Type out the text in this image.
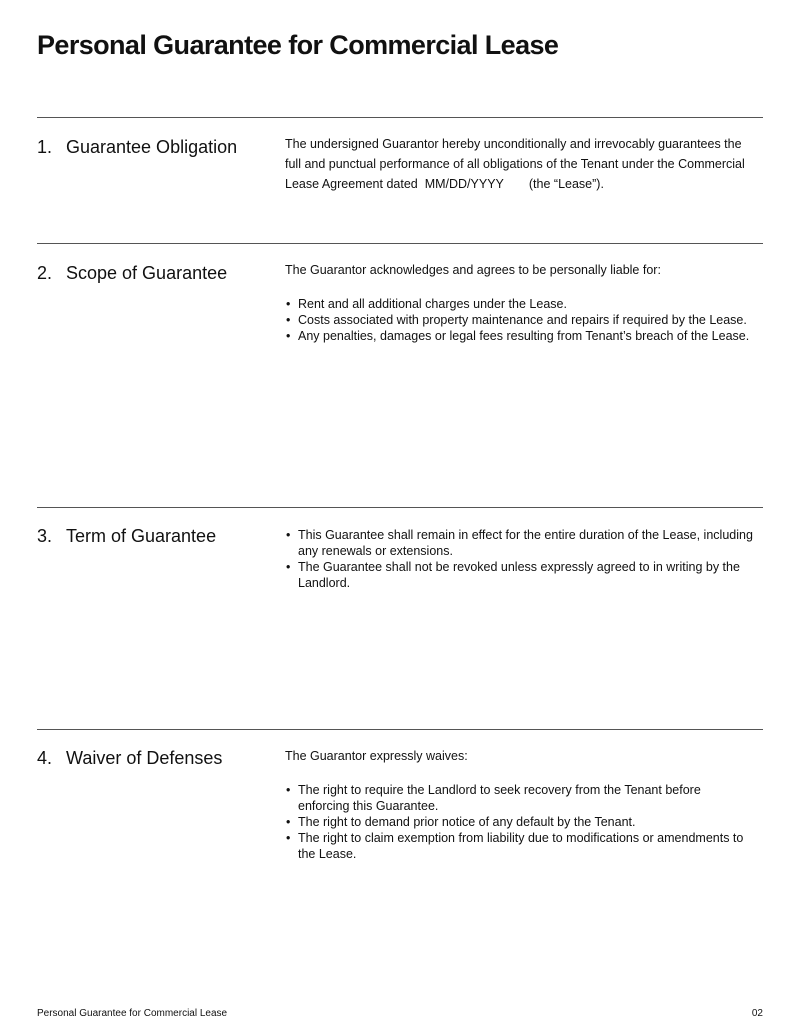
Personal Guarantee for Commercial Lease
1. Guarantee Obligation	The undersigned Guarantor hereby unconditionally and irrevocably guarantees the full and punctual performance of all obligations of the Tenant under the Commercial Lease Agreement dated MM/DD/YYYY (the “Lease”).

2. Scope of Guarantee	The Guarantor acknowledges and agrees to be personally liable for:

• Rent and all additional charges under the Lease.
• Costs associated with property maintenance and repairs if required by the Lease.
• Any penalties, damages or legal fees resulting from Tenant’s breach of the Lease.
3. Term of Guarantee	• This Guarantee shall remain in effect for the entire duration of the Lease, including any renewals or extensions.
• The Guarantee shall not be revoked unless expressly agreed to in writing by the Landlord.
4. Waiver of Defenses	The Guarantor expressly waives:

• The right to require the Landlord to seek recovery from the Tenant before enforcing this Guarantee.
• The right to demand prior notice of any default by the Tenant.
• The right to claim exemption from liability due to modifications or amendments to the Lease.
Personal Guarantee for Commercial Lease	02
